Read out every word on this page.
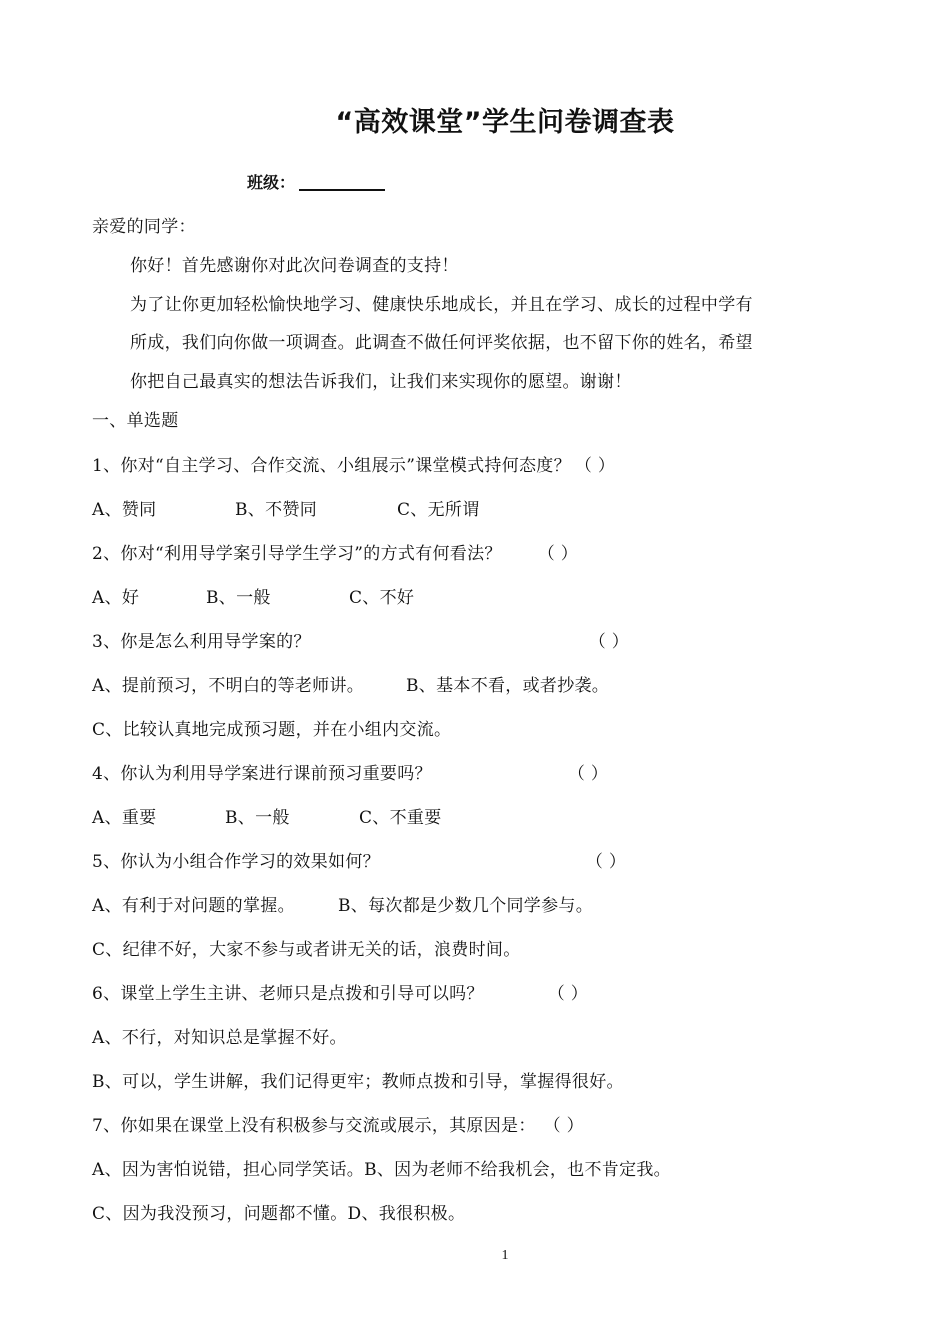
“高效课堂”学生问卷调查表
班级：
亲爱的同学：
你好！首先感谢你对此次问卷调查的支持！
为了让你更加轻松愉快地学习、健康快乐地成长，并且在学习、成长的过程中学有
所成，我们向你做一项调查。此调查不做任何评奖依据，也不留下你的姓名，希望
你把自己最真实的想法告诉我们，让我们来实现你的愿望。谢谢！
一、单选题
1、你对“自主学习、合作交流、小组展示”课堂模式持何态度？ （ ）
A、赞同	B、不赞同	C、无所谓
2、你对“利用导学案引导学生学习”的方式有何看法？ （ ）
A、好	B、一般	C、不好
3、你是怎么利用导学案的？	（ ）
A、提前预习，不明白的等老师讲。 B、基本不看，或者抄袭。
C、比较认真地完成预习题，并在小组内交流。
4、你认为利用导学案进行课前预习重要吗？	（ ）
A、重要	B、一般	C、不重要
5、你认为小组合作学习的效果如何？	（ ）
A、有利于对问题的掌握。	B、每次都是少数几个同学参与。
C、纪律不好，大家不参与或者讲无关的话，浪费时间。
6、课堂上学生主讲、老师只是点拨和引导可以吗？	（ ）
A、不行，对知识总是掌握不好。
B、可以，学生讲解，我们记得更牢；教师点拨和引导，掌握得很好。
7、你如果在课堂上没有积极参与交流或展示，其原因是： （ ）
A、因为害怕说错，担心同学笑话。B、因为老师不给我机会，也不肯定我。
C、因为我没预习，问题都不懂。D、我很积极。
1
